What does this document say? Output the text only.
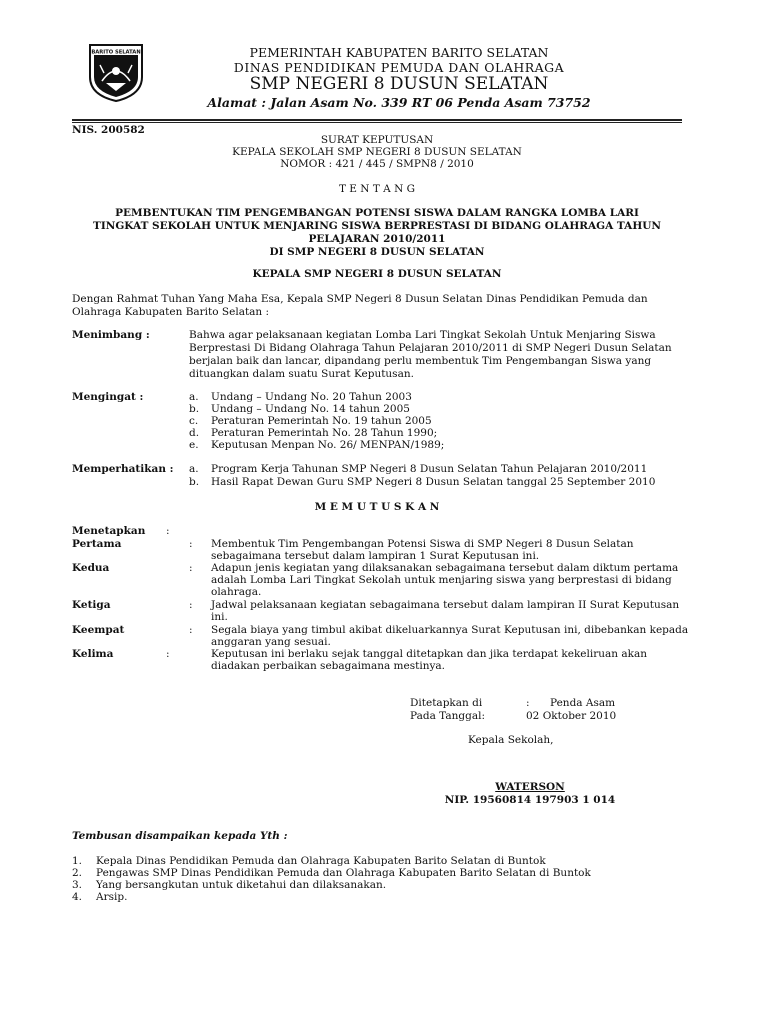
BARITO SELATAN	PEMERINTAH KABUPATEN BARITO SELATAN
DINAS PENDIDIKAN PEMUDA DAN OLAHRAGA
SMP NEGERI 8 DUSUN SELATAN
Alamat : Jalan Asam No. 339 RT 06 Penda Asam 73752
NIS. 200582
SURAT KEPUTUSAN
KEPALA SEKOLAH SMP NEGERI 8 DUSUN SELATAN
NOMOR : 421 / 445 / SMPN8 / 2010
T E N T A N G
PEMBENTUKAN TIM PENGEMBANGAN POTENSI SISWA DALAM RANGKA LOMBA LARI
TINGKAT SEKOLAH UNTUK MENJARING SISWA BERPRESTASI DI BIDANG OLAHRAGA TAHUN
PELAJARAN 2010/2011
DI SMP NEGERI 8 DUSUN SELATAN
KEPALA SMP NEGERI 8 DUSUN SELATAN
Dengan Rahmat Tuhan Yang Maha Esa, Kepala SMP Negeri 8 Dusun Selatan Dinas Pendidikan Pemuda dan
Olahraga Kabupaten Barito Selatan :
Menimbang :	Bahwa agar pelaksanaan kegiatan Lomba Lari Tingkat Sekolah Untuk Menjaring Siswa
Berprestasi Di Bidang Olahraga Tahun Pelajaran 2010/2011 di SMP Negeri Dusun Selatan
berjalan baik dan lancar, dipandang perlu membentuk Tim Pengembangan Siswa yang
dituangkan dalam suatu Surat Keputusan.
Mengingat :	a. Undang – Undang No. 20 Tahun 2003
b. Undang – Undang No. 14 tahun 2005
c. Peraturan Pemerintah No. 19 tahun 2005
d. Peraturan Pemerintah No. 28 Tahun 1990;
e. Keputusan Menpan No. 26/ MENPAN/1989;
Memperhatikan : a. Program Kerja Tahunan SMP Negeri 8 Dusun Selatan Tahun Pelajaran 2010/2011
b. Hasil Rapat Dewan Guru SMP Negeri 8 Dusun Selatan tanggal 25 September 2010
M E M U T U S K A N
Menetapkan :
Pertama	: Membentuk Tim Pengembangan Potensi Siswa di SMP Negeri 8 Dusun Selatan
sebagaimana tersebut dalam lampiran 1 Surat Keputusan ini.
Kedua	: Adapun jenis kegiatan yang dilaksanakan sebagaimana tersebut dalam diktum pertama
adalah Lomba Lari Tingkat Sekolah untuk menjaring siswa yang berprestasi di bidang
olahraga.
Ketiga	: Jadwal pelaksanaan kegiatan sebagaimana tersebut dalam lampiran II Surat Keputusan
ini.
Keempat	: Segala biaya yang timbul akibat dikeluarkannya Surat Keputusan ini, dibebankan kepada
anggaran yang sesuai.
Kelima	:	Keputusan ini berlaku sejak tanggal ditetapkan dan jika terdapat kekeliruan akan
diadakan perbaikan sebagaimana mestinya.
Ditetapkan di	: Penda Asam
Pada Tanggal:	02 Oktober 2010
Kepala Sekolah,
WATERSON
NIP. 19560814 197903 1 014
Tembusan disampaikan kepada Yth :
1. Kepala Dinas Pendidikan Pemuda dan Olahraga Kabupaten Barito Selatan di Buntok
2. Pengawas SMP Dinas Pendidikan Pemuda dan Olahraga Kabupaten Barito Selatan di Buntok
3. Yang bersangkutan untuk diketahui dan dilaksanakan.
4. Arsip.
